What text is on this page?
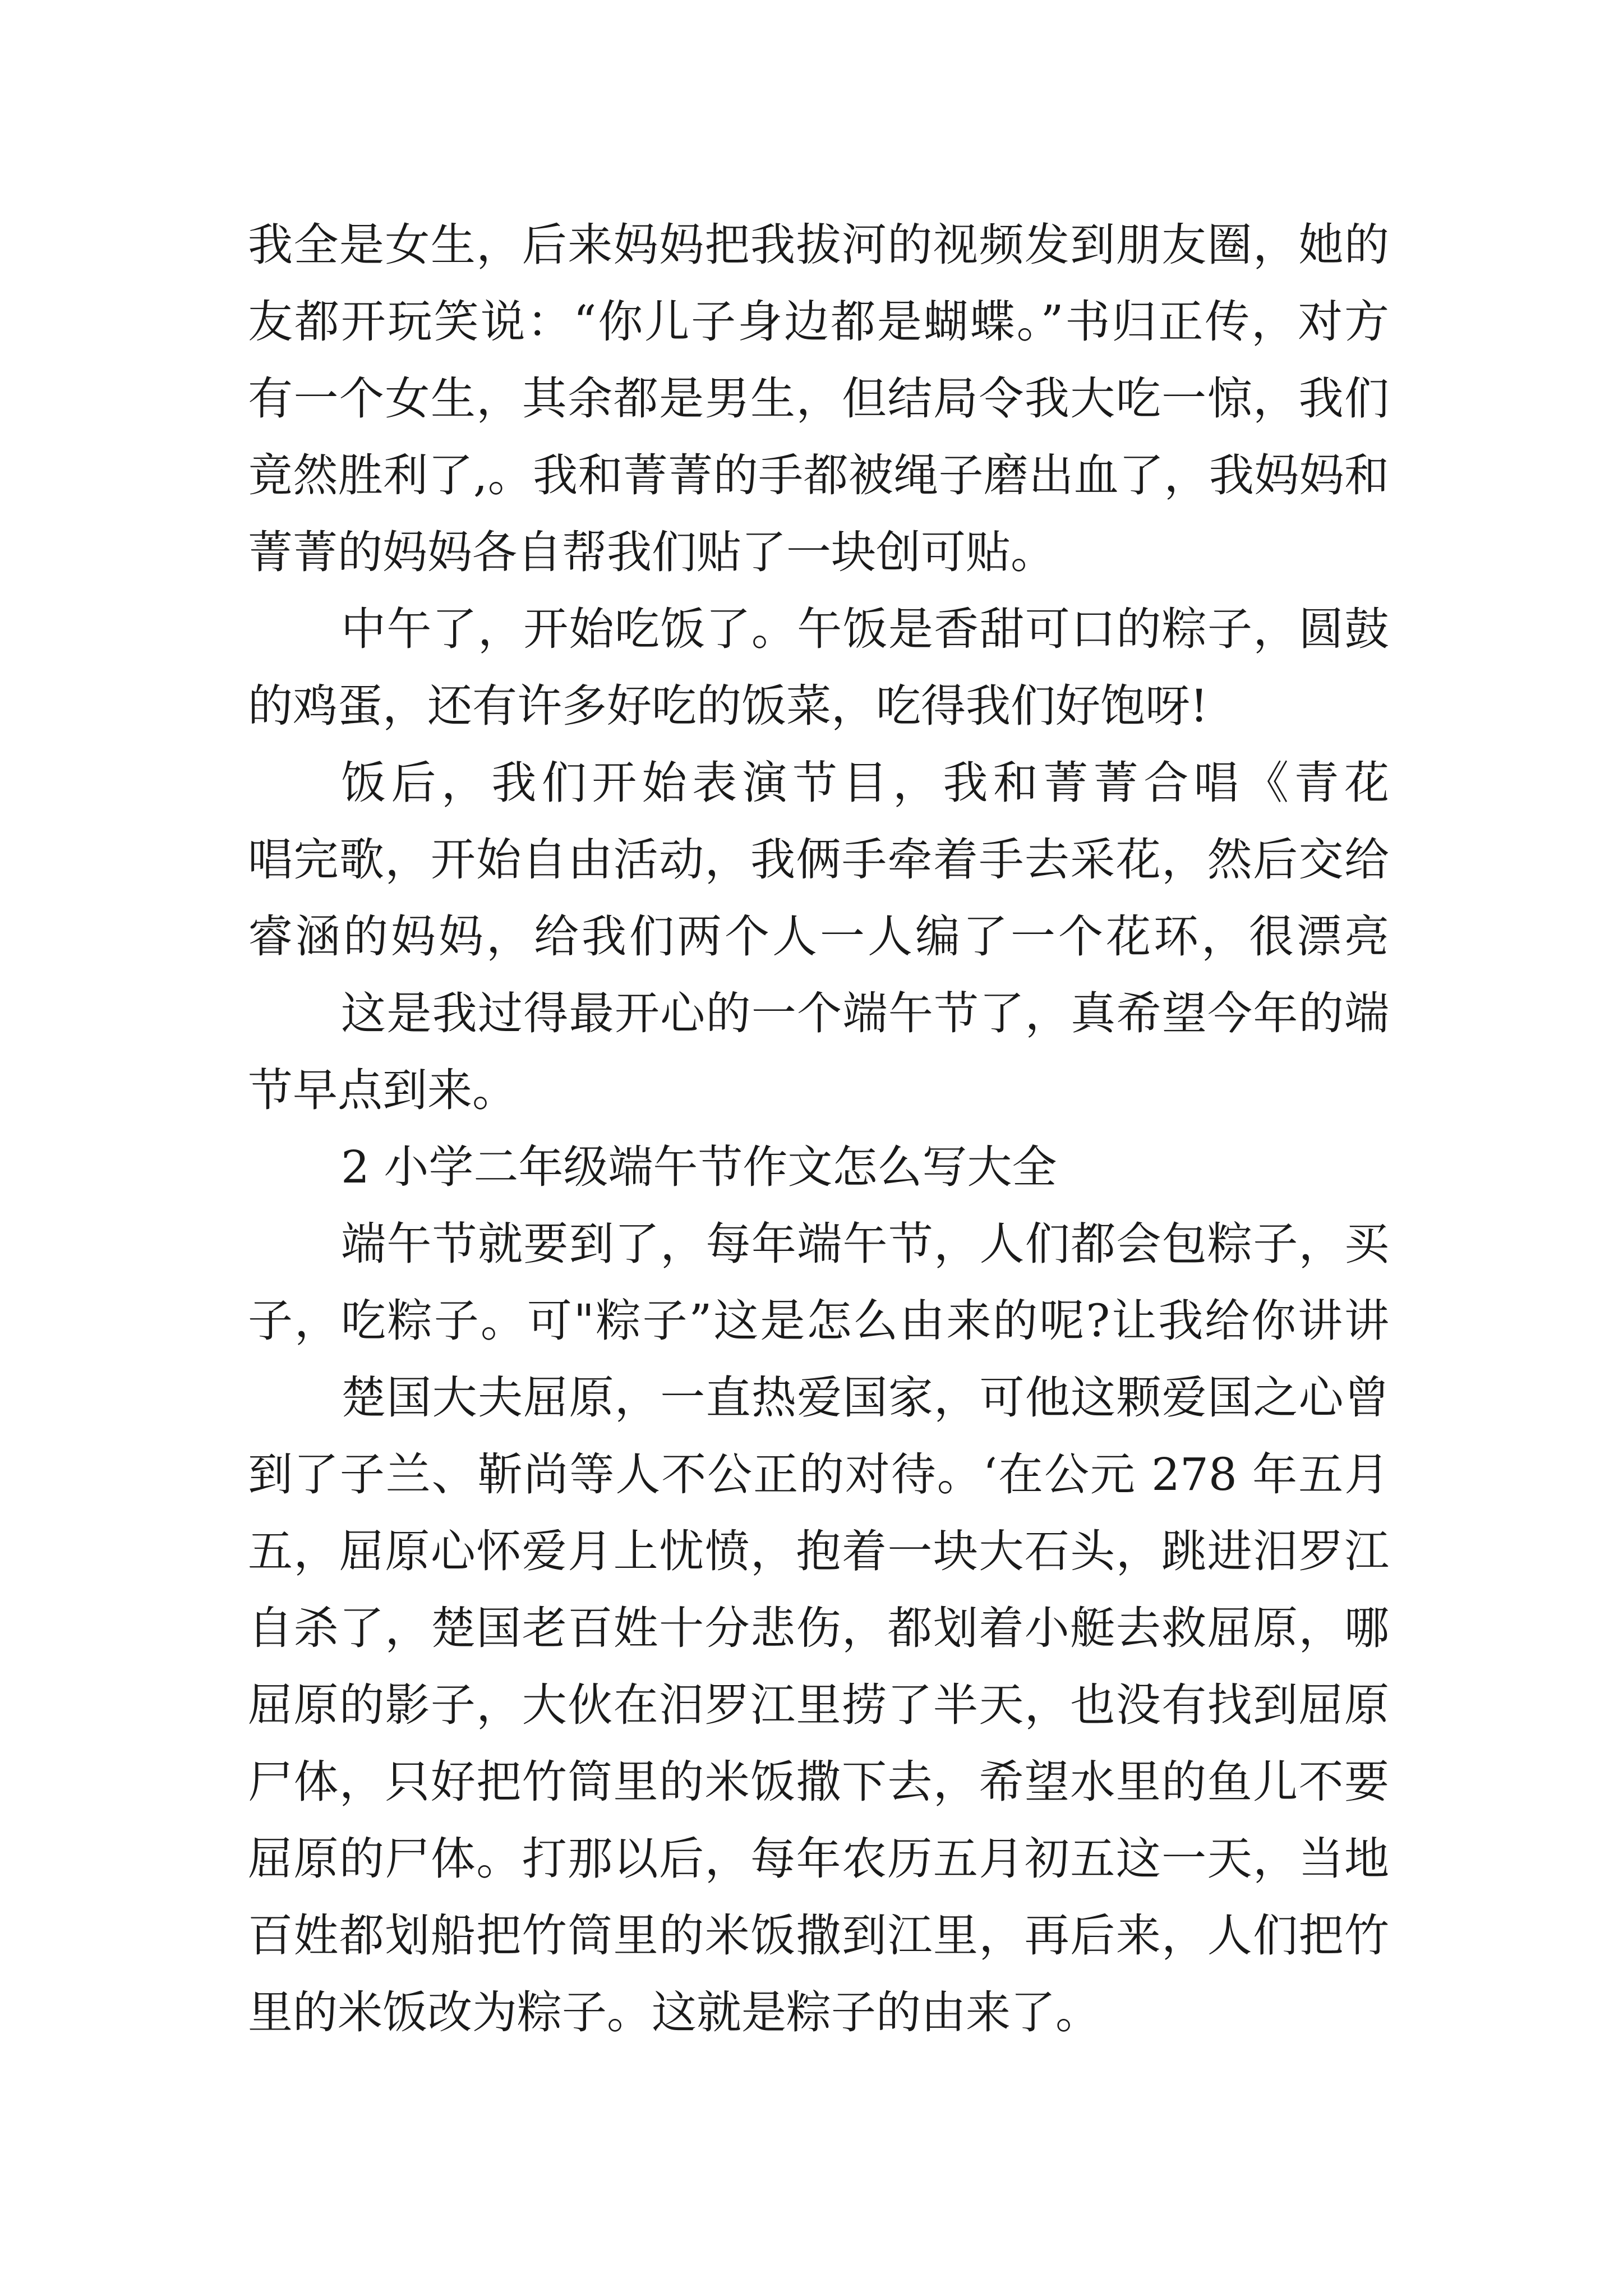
我全是女生，后来妈妈把我拔河的视频发到朋友圈，她的
友都开玩笑说：“你儿子身边都是蝴蝶。”书归正传，对方
有一个女生，其余都是男生，但结局令我大吃一惊，我们
竟然胜利了,。我和菁菁的手都被绳子磨出血了，我妈妈和
菁菁的妈妈各自帮我们贴了一块创可贴。
中午了，开始吃饭了。午饭是香甜可口的粽子，圆鼓
的鸡蛋，还有许多好吃的饭菜，吃得我们好饱呀!
饭后，我们开始表演节目，我和菁菁合唱《青花
唱完歌，开始自由活动，我俩手牵着手去采花，然后交给
睿涵的妈妈，给我们两个人一人编了一个花环，很漂亮
这是我过得最开心的一个端午节了，真希望今年的端
节早点到来。
2 小学二年级端午节作文怎么写大全
端午节就要到了，每年端午节，人们都会包粽子，买
子，吃粽子。可"粽子”这是怎么由来的呢?让我给你讲讲
楚国大夫屈原，一直热爱国家，可他这颗爱国之心曾
到了子兰、靳尚等人不公正的对待。‘在公元 278 年五月
五，屈原心怀爱月上忧愤，抱着一块大石头，跳进汨罗江
自杀了，楚国老百姓十分悲伤，都划着小艇去救屈原，哪
屈原的影子，大伙在汨罗江里捞了半天，也没有找到屈原
尸体，只好把竹筒里的米饭撒下去，希望水里的鱼儿不要
屈原的尸体。打那以后，每年农历五月初五这一天，当地
百姓都划船把竹筒里的米饭撒到江里，再后来，人们把竹
里的米饭改为粽子。这就是粽子的由来了。
